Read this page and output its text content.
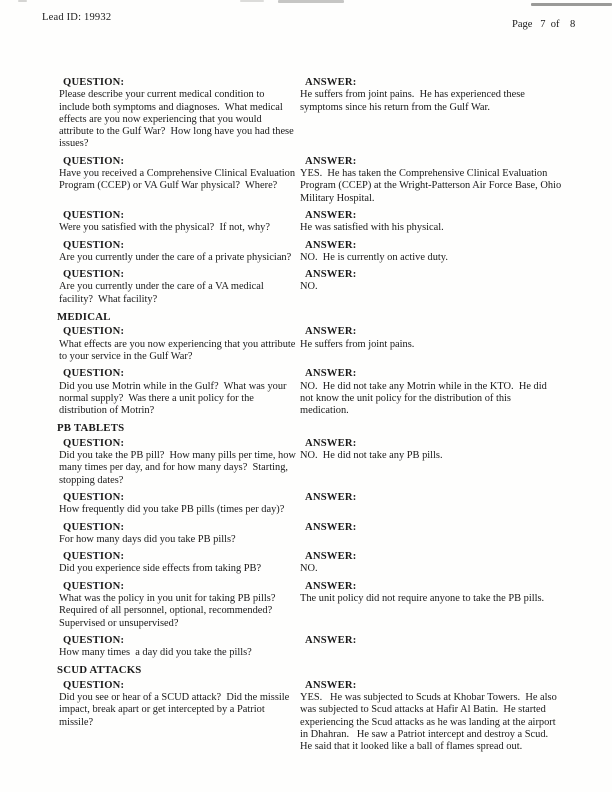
Lead ID: 19932
Page   7  of    8
QUESTION:
Please describe your current medical condition to include both symptoms and diagnoses.  What medical effects are you now experiencing that you would attribute to the Gulf War?  How long have you had these issues?
ANSWER:
He suffers from joint pains.  He has experienced these symptoms since his return from the Gulf War.
QUESTION:
Have you received a Comprehensive Clinical Evaluation Program (CCEP) or VA Gulf War physical?  Where?
ANSWER:
YES.  He has taken the Comprehensive Clinical Evaluation Program (CCEP) at the Wright-Patterson Air Force Base, Ohio Military Hospital.
QUESTION:
Were you satisfied with the physical?  If not, why?
ANSWER:
He was satisfied with his physical.
QUESTION:
Are you currently under the care of a private physician?
ANSWER:
NO.  He is currently on active duty.
QUESTION:
Are you currently under the care of a VA medical facility?  What facility?
ANSWER:
NO.
MEDICAL
QUESTION:
What effects are you now experiencing that you attribute to your service in the Gulf War?
ANSWER:
He suffers from joint pains.
QUESTION:
Did you use Motrin while in the Gulf?  What was your normal supply?  Was there a unit policy for the distribution of Motrin?
ANSWER:
NO.  He did not take any Motrin while in the KTO.  He did not know the unit policy for the distribution of this medication.
PB TABLETS
QUESTION:
Did you take the PB pill?  How many pills per time, how many times per day, and for how many days?  Starting, stopping dates?
ANSWER:
NO.  He did not take any PB pills.
QUESTION:
How frequently did you take PB pills (times per day)?
ANSWER:
QUESTION:
For how many days did you take PB pills?
ANSWER:
QUESTION:
Did you experience side effects from taking PB?
ANSWER:
NO.
QUESTION:
What was the policy in you unit for taking PB pills?  Required of all personnel, optional, recommended?  Supervised or unsupervised?
ANSWER:
The unit policy did not require anyone to take the PB pills.
QUESTION:
How many times  a day did you take the pills?
ANSWER:
SCUD ATTACKS
QUESTION:
Did you see or hear of a SCUD attack?  Did the missile impact, break apart or get intercepted by a Patriot missile?
ANSWER:
YES.   He was subjected to Scuds at Khobar Towers.  He also was subjected to Scud attacks at Hafir Al Batin.  He started experiencing the Scud attacks as he was landing at the airport in Dhahran.   He saw a Patriot intercept and destroy a Scud.  He said that it looked like a ball of flames spread out.
